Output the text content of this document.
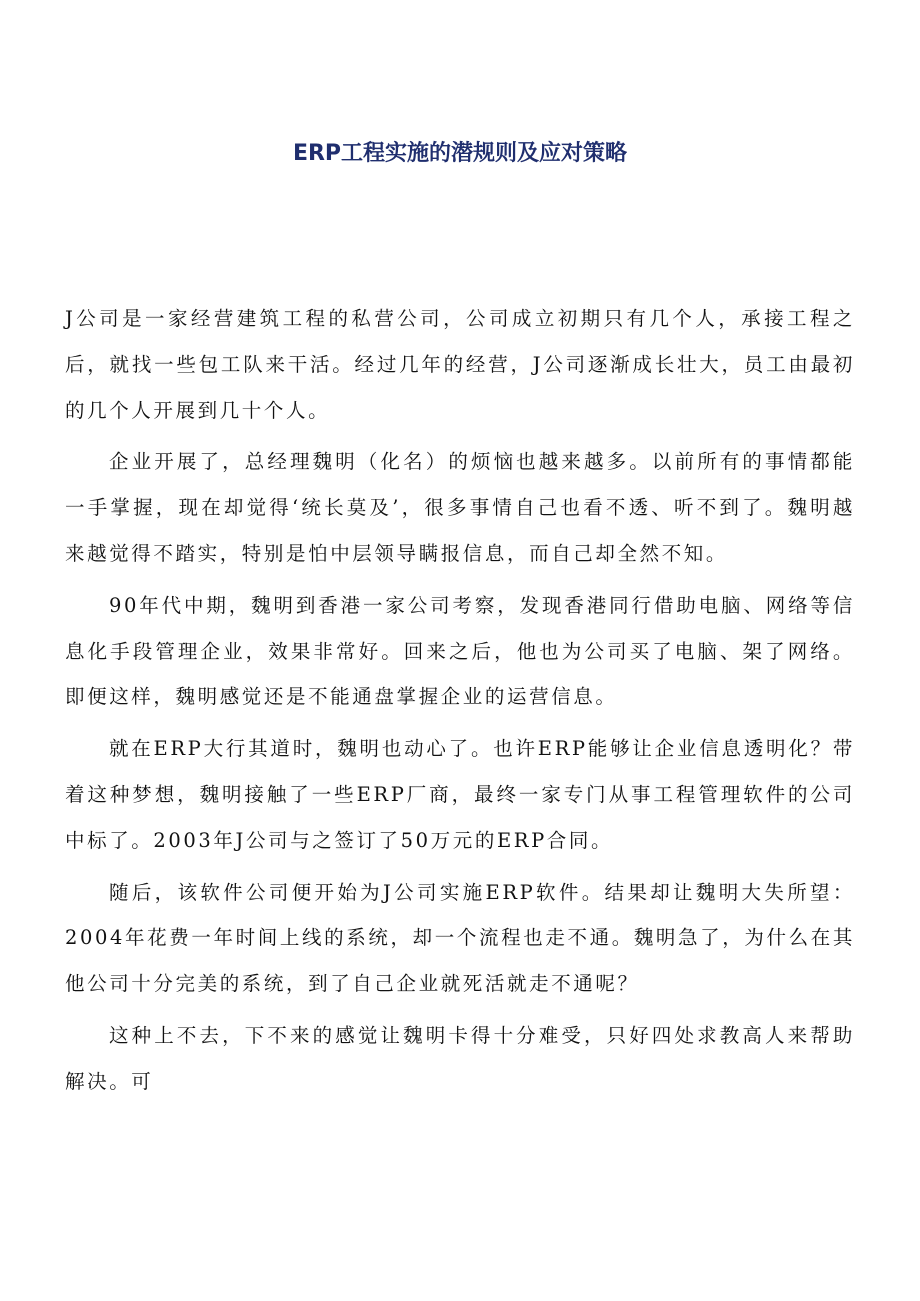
ERP工程实施的潜规则及应对策略

J公司是一家经营建筑工程的私营公司，公司成立初期只有几个人，承接工程之后，就找一些包工队来干活。经过几年的经营，J公司逐渐成长壮大，员工由最初的几个人开展到几十个人。

企业开展了，总经理魏明（化名）的烦恼也越来越多。以前所有的事情都能一手掌握，现在却觉得‘统长莫及’，很多事情自己也看不透、听不到了。魏明越来越觉得不踏实，特别是怕中层领导瞒报信息，而自己却全然不知。

90年代中期，魏明到香港一家公司考察，发现香港同行借助电脑、网络等信息化手段管理企业，效果非常好。回来之后，他也为公司买了电脑、架了网络。即便这样，魏明感觉还是不能通盘掌握企业的运营信息。

就在ERP大行其道时，魏明也动心了。也许ERP能够让企业信息透明化？带着这种梦想，魏明接触了一些ERP厂商，最终一家专门从事工程管理软件的公司中标了。2003年J公司与之签订了50万元的ERP合同。

随后，该软件公司便开始为J公司实施ERP软件。结果却让魏明大失所望：2004年花费一年时间上线的系统，却一个流程也走不通。魏明急了，为什么在其他公司十分完美的系统，到了自己企业就死活就走不通呢？

这种上不去，下不来的感觉让魏明卡得十分难受，只好四处求教高人来帮助解决。可
